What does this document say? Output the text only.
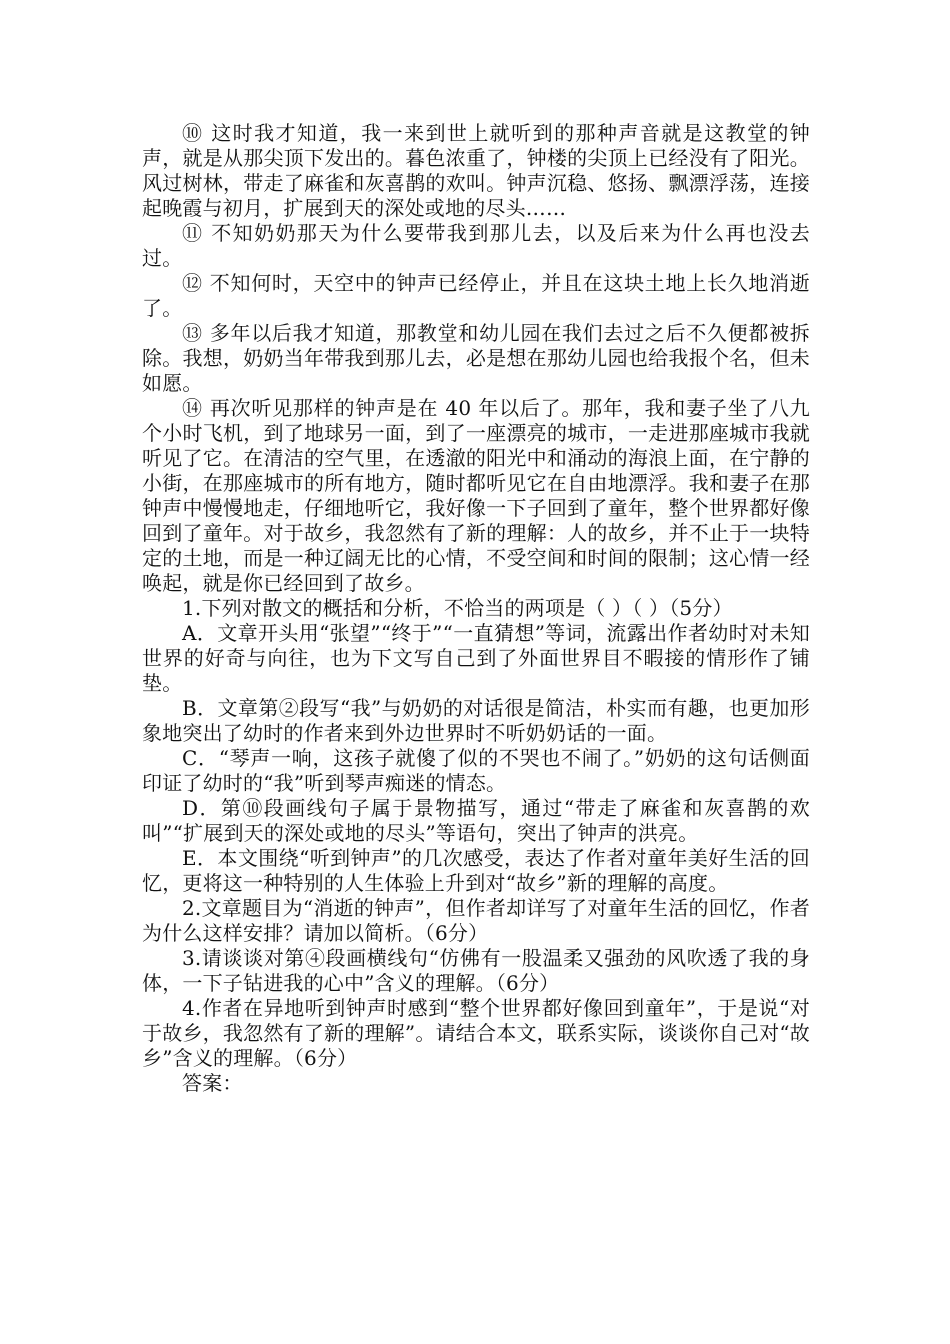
⑩ 这时我才知道，我一来到世上就听到的那种声音就是这教堂的钟声，就是从那尖顶下发出的。暮色浓重了，钟楼的尖顶上已经没有了阳光。风过树林，带走了麻雀和灰喜鹊的欢叫。钟声沉稳、悠扬、飘漂浮荡，连接起晚霞与初月，扩展到天的深处或地的尽头……

⑪ 不知奶奶那天为什么要带我到那儿去，以及后来为什么再也没去过。

⑫ 不知何时，天空中的钟声已经停止，并且在这块土地上长久地消逝了。

⑬ 多年以后我才知道，那教堂和幼儿园在我们去过之后不久便都被拆除。我想，奶奶当年带我到那儿去，必是想在那幼儿园也给我报个名，但未如愿。

⑭ 再次听见那样的钟声是在 40 年以后了。那年，我和妻子坐了八九个小时飞机，到了地球另一面，到了一座漂亮的城市，一走进那座城市我就听见了它。在清洁的空气里，在透澈的阳光中和涌动的海浪上面，在宁静的小街，在那座城市的所有地方，随时都听见它在自由地漂浮。我和妻子在那钟声中慢慢地走，仔细地听它，我好像一下子回到了童年，整个世界都好像回到了童年。对于故乡，我忽然有了新的理解：人的故乡，并不止于一块特定的土地，而是一种辽阔无比的心情，不受空间和时间的限制；这心情一经唤起，就是你已经回到了故乡。

1.下列对散文的概括和分析，不恰当的两项是（ ）（ ）（5分）

A．文章开头用“张望”“终于”“一直猜想”等词，流露出作者幼时对未知世界的好奇与向往，也为下文写自己到了外面世界目不暇接的情形作了铺垫。

B．文章第②段写“我”与奶奶的对话很是简洁，朴实而有趣，也更加形象地突出了幼时的作者来到外边世界时不听奶奶话的一面。

C．“琴声一响，这孩子就傻了似的不哭也不闹了。”奶奶的这句话侧面印证了幼时的“我”听到琴声痴迷的情态。

D．第⑩段画线句子属于景物描写，通过“带走了麻雀和灰喜鹊的欢叫”“扩展到天的深处或地的尽头”等语句，突出了钟声的洪亮。

E．本文围绕“听到钟声”的几次感受，表达了作者对童年美好生活的回忆，更将这一种特别的人生体验上升到对“故乡”新的理解的高度。

2.文章题目为“消逝的钟声”，但作者却详写了对童年生活的回忆，作者为什么这样安排？请加以简析。（6分）

3.请谈谈对第④段画横线句“仿佛有一股温柔又强劲的风吹透了我的身体，一下子钻进我的心中”含义的理解。（6分）

4.作者在异地听到钟声时感到“整个世界都好像回到童年”，于是说“对于故乡，我忽然有了新的理解”。请结合本文，联系实际，谈谈你自己对“故乡”含义的理解。（6分）

答案：
